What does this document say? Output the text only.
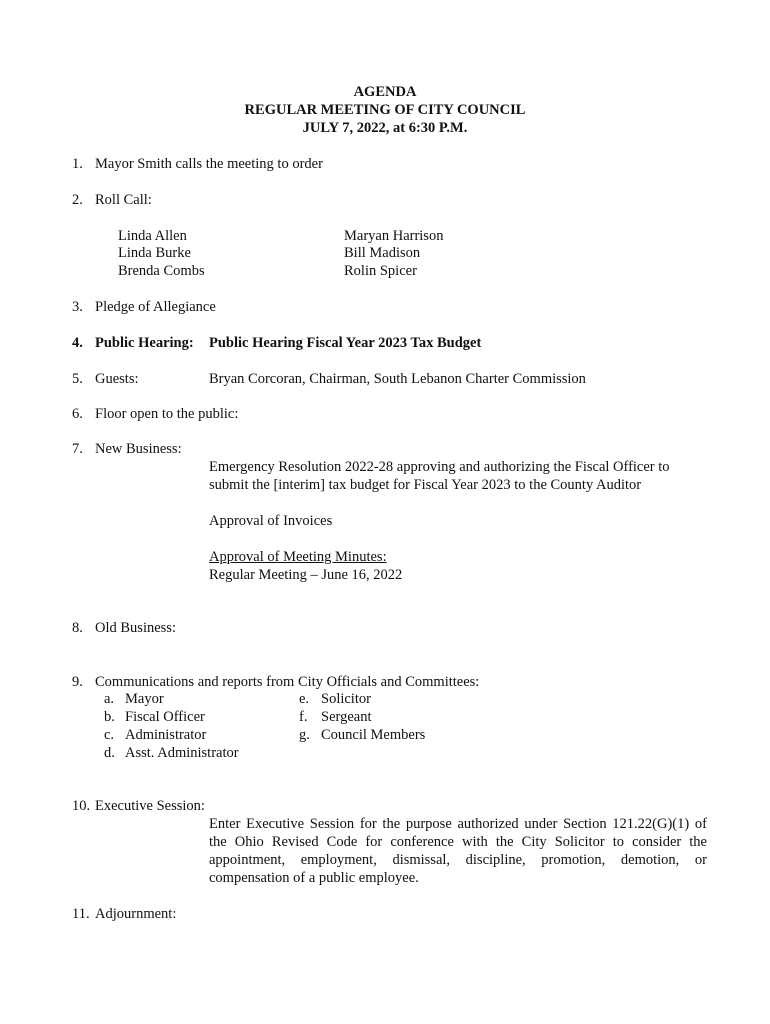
AGENDA
REGULAR MEETING OF CITY COUNCIL
JULY 7, 2022, at 6:30 P.M.
1. Mayor Smith calls the meeting to order
2. Roll Call:
Linda Allen
Linda Burke
Brenda Combs
Maryan Harrison
Bill Madison
Rolin Spicer
3. Pledge of Allegiance
4. Public Hearing: Public Hearing Fiscal Year 2023 Tax Budget
5. Guests:	Bryan Corcoran, Chairman, South Lebanon Charter Commission
6. Floor open to the public:
7. New Business:
Emergency Resolution 2022-28 approving and authorizing the Fiscal Officer to
submit the [interim] tax budget for Fiscal Year 2023 to the County Auditor
Approval of Invoices
Approval of Meeting Minutes:
Regular Meeting – June 16, 2022
8. Old Business:
9. Communications and reports from City Officials and Committees:
a. Mayor
b. Fiscal Officer
c. Administrator
d. Asst. Administrator
e. Solicitor
f. Sergeant
g. Council Members
10. Executive Session:
Enter Executive Session for the purpose authorized under Section 121.22(G)(1) of the Ohio Revised Code for conference with the City Solicitor to consider the appointment, employment, dismissal, discipline, promotion, demotion, or compensation of a public employee.
11. Adjournment:
